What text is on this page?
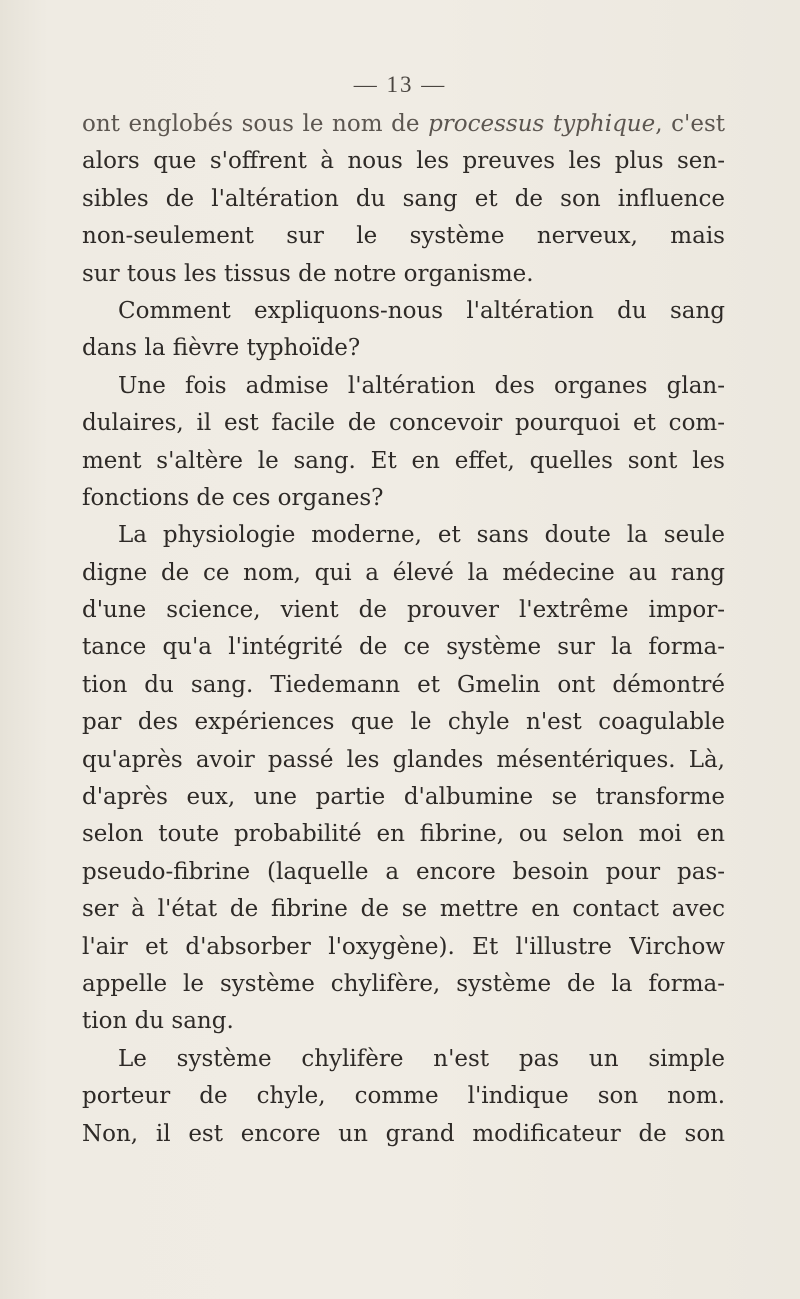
— 13 —
ont englobés sous le nom de processus typhique, c'est
alors que s'offrent à nous les preuves les plus sen-
sibles de l'altération du sang et de son influence
non-seulement sur le système nerveux, mais
sur tous les tissus de notre organisme.
Comment expliquons-nous l'altération du sang
dans la fièvre typhoïde?
Une fois admise l'altération des organes glan-
dulaires, il est facile de concevoir pourquoi et com-
ment s'altère le sang. Et en effet, quelles sont les
fonctions de ces organes?
La physiologie moderne, et sans doute la seule
digne de ce nom, qui a élevé la médecine au rang
d'une science, vient de prouver l'extrême impor-
tance qu'a l'intégrité de ce système sur la forma-
tion du sang. Tiedemann et Gmelin ont démontré
par des expériences que le chyle n'est coagulable
qu'après avoir passé les glandes mésentériques. Là,
d'après eux, une partie d'albumine se transforme
selon toute probabilité en fibrine, ou selon moi en
pseudo-fibrine (laquelle a encore besoin pour pas-
ser à l'état de fibrine de se mettre en contact avec
l'air et d'absorber l'oxygène). Et l'illustre Virchow
appelle le système chylifère, système de la forma-
tion du sang.
Le système chylifère n'est pas un simple
porteur de chyle, comme l'indique son nom.
Non, il est encore un grand modificateur de son
